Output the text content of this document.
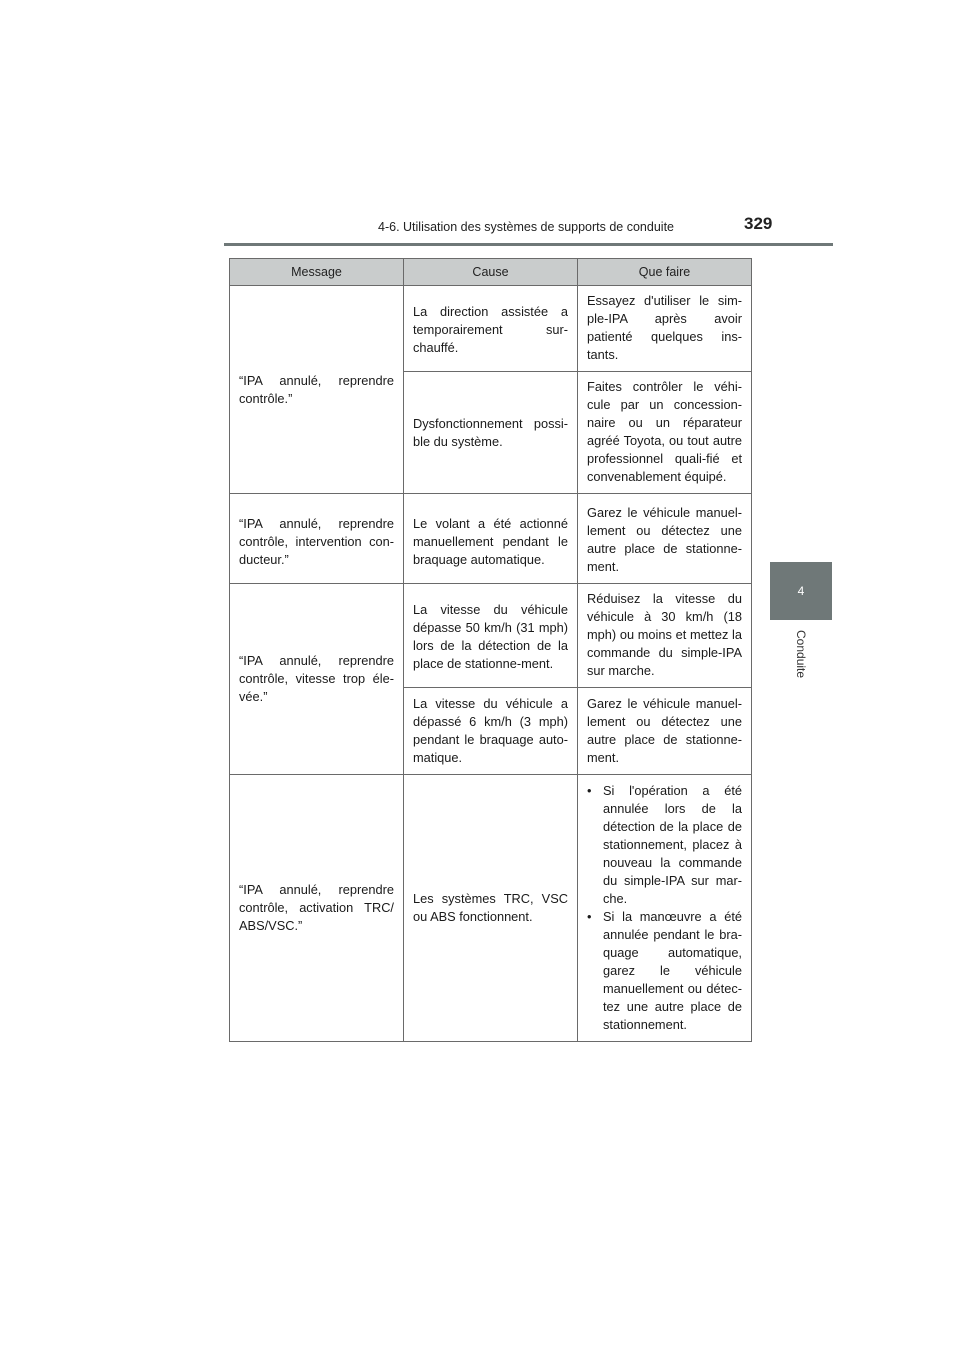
4-6. Utilisation des systèmes de supports de conduite	329
4
Conduite
Message	Cause	Que faire
“IPA annulé, reprendre contrôle.”	La direction assistée a temporairement sur-chauffé.	Essayez d'utiliser le sim-ple-IPA après avoir patienté quelques ins-tants.
	Dysfonctionnement possi-ble du système.	Faites contrôler le véhi-cule par un concession-naire ou un réparateur agréé Toyota, ou tout autre professionnel quali-fié et convenablement équipé.
“IPA annulé, reprendre contrôle, intervention con-ducteur.”	Le volant a été actionné manuellement pendant le braquage automatique.	Garez le véhicule manuel-lement ou détectez une autre place de stationne-ment.
“IPA annulé, reprendre contrôle, vitesse trop éle-vée.”	La vitesse du véhicule dépasse 50 km/h (31 mph) lors de la détection de la place de stationne-ment.	Réduisez la vitesse du véhicule à 30 km/h (18 mph) ou moins et mettez la commande du simple-IPA sur marche.
	La vitesse du véhicule a dépassé 6 km/h (3 mph) pendant le braquage auto-matique.	Garez le véhicule manuel-lement ou détectez une autre place de stationne-ment.
“IPA annulé, reprendre contrôle, activation TRC/ ABS/VSC.”	Les systèmes TRC, VSC ou ABS fonctionnent.	• Si l'opération a été annulée lors de la détection de la place de stationnement, placez à nouveau la commande du simple-IPA sur mar-che.
• Si la manœuvre a été annulée pendant le bra-quage automatique, garez le véhicule manuellement ou détec-tez une autre place de stationnement.
